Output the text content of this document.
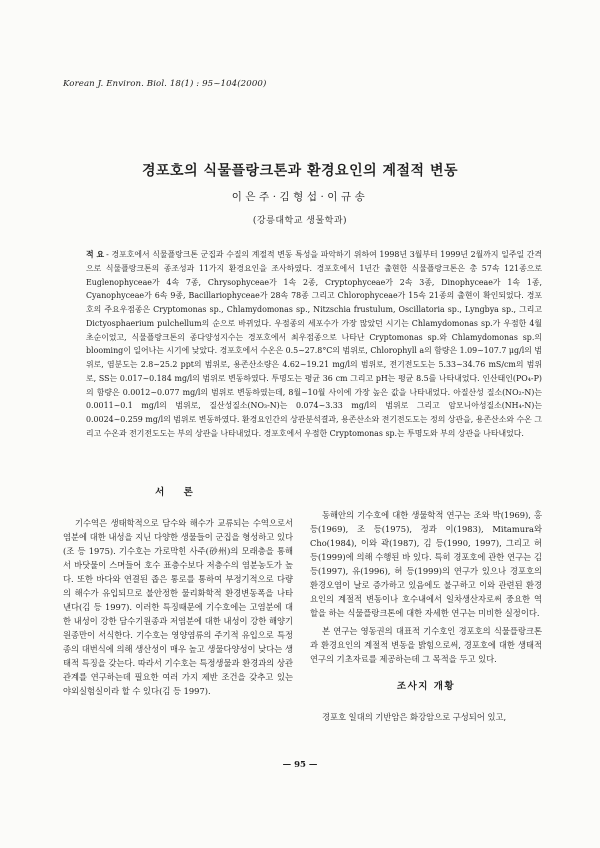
Korean J. Environ. Biol. 18(1) : 95~104(2000)
경포호의 식물플랑크톤과 환경요인의 계절적 변동
이은주·김형섭·이규송
(강릉대학교 생물학과)
적 요 - 경포호에서 식물플랑크톤 군집과 수질의 계절적 변동 특성을 파악하기 위하여 1998년 3월부터 1999년 2월까지 일주일 간격으로 식물플랑크톤의 종조성과 11가지 환경요인을 조사하였다. 경포호에서 1년간 출현한 식물플랑크톤은 총 57속 121종으로 Euglenophyceae가 4속 7종, Chrysophyceae가 1속 2종, Cryptophyceae가 2속 3종, Dinophyceae가 1속 1종, Cyanophyceae가 6속 9종, Bacillariophyceae가 28속 78종 그리고 Chlorophyceae가 15속 21종의 출현이 확인되었다. 경포호의 주요우점종은 Cryptomonas sp., Chlamydomonas sp., Nitzschia frustulum, Oscillatoria sp., Lyngbya sp., 그리고 Dictyosphaerium pulchellum의 순으로 바뀌었다. 우점종의 세포수가 가장 많았던 시기는 Chlamydomonas sp.가 우점한 4월 초순이었고, 식물플랑크톤의 종다양성지수는 경포호에서 최우점종으로 나타난 Cryptomonas sp.와 Chlamydomonas sp.의 blooming이 일어나는 시기에 낮았다. 경포호에서 수온은 0.5~27.8°C의 범위로, Chlorophyll a의 함량은 1.09~107.7 μg/l의 범위로, 염분도는 2.8~25.2 ppt의 범위로, 용존산소량은 4.62~19.21 mg/l의 범위로, 전기전도도는 5.33~34.76 mS/cm의 범위로, SS는 0.017~0.184 mg/l의 범위로 변동하였다. 투명도는 평균 36 cm 그리고 pH는 평균 8.5를 나타내었다. 인산태인(PO₄-P)의 함량은 0.0012~0.077 mg/l의 범위로 변동하였는데, 8월~10월 사이에 가장 높은 값을 나타내었다. 아질산성 질소(NO₂-N)는 0.0011~0.1 mg/l의 범위로, 질산성질소(NO₃-N)는 0.074~3.33 mg/l의 범위로 그리고 암모니아성질소(NH₄-N)는 0.0024~0.259 mg/l의 범위로 변동하였다. 환경요인간의 상관분석결과, 용존산소와 전기전도도는 정의 상관을, 용존산소와 수온 그리고 수온과 전기전도도는 부의 상관을 나타내었다. 경포호에서 우점한 Cryptomonas sp.는 투명도와 부의 상관을 나타내었다.
서 론

기수역은 생태학적으로 담수와 해수가 교류되는 수역으로서 염분에 대한 내성을 지닌 다양한 생물들이 군집을 형성하고 있다(조 등 1975). 기수호는 가로막힌 사주(砂州)의 모래층을 통해서 바닷물이 스며들어 호수 표층수보다 저층수의 염분농도가 높다. 또한 바다와 연결된 좁은 통로를 통하여 부정기적으로 다량의 해수가 유입되므로 불안정한 물리화학적 환경변동폭을 나타낸다(김 등 1997). 이러한 특징때문에 기수호에는 고염분에 대한 내성이 강한 담수기원종과 저염분에 대한 내성이 강한 해양기원종만이 서식한다. 기수호는 영양염류의 주기적 유입으로 특정종의 대번식에 의해 생산성이 매우 높고 생물다양성이 낮다는 생태적 특징을 갖는다. 따라서 기수호는 특정생물과 환경과의 상관관계를 연구하는데 필요한 여러 가지 제반 조건을 갖추고 있는 야외실험실이라 할 수 있다(김 등 1997).

동해안의 기수호에 대한 생물학적 연구는 조와 박(1969), 홍 등(1969), 조 등(1975), 정과 이(1983), Mitamura와 Cho(1984), 이와 곽(1987), 김 등(1990, 1997), 그리고 허 등(1999)에 의해 수행된 바 있다. 특히 경포호에 관한 연구는 김 등(1997), 유(1996), 허 등(1999)의 연구가 있으나 경포호의 환경오염이 날로 증가하고 있음에도 불구하고 이와 관련된 환경요인의 계절적 변동이나 호수내에서 일차생산자로써 중요한 역할을 하는 식물플랑크톤에 대한 자세한 연구는 미비한 실정이다.

본 연구는 영동권의 대표적 기수호인 경포호의 식물플랑크톤과 환경요인의 계절적 변동을 밝힘으로써, 경포호에 대한 생태적 연구의 기초자료를 제공하는데 그 목적을 두고 있다.

조사지 개황

경포호 일대의 기반암은 화강암으로 구성되어 있고,

— 95 —
